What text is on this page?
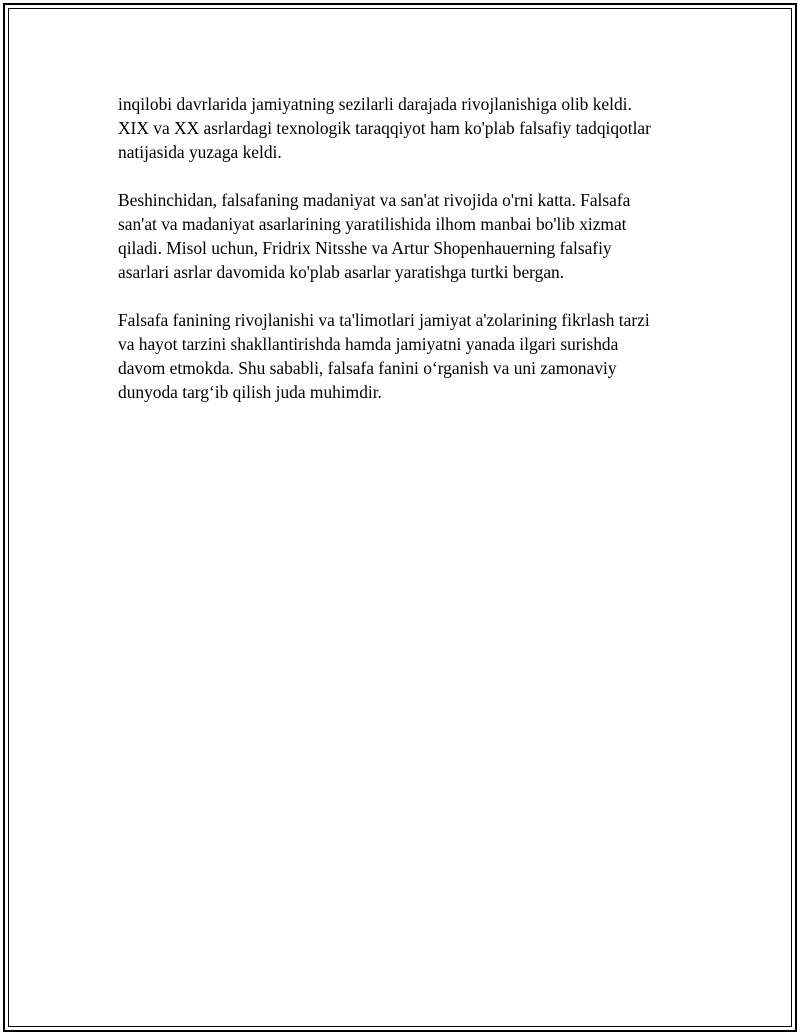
inqilobi davrlarida jamiyatning sezilarli darajada rivojlanishiga olib keldi.
XIX va XX asrlardagi texnologik taraqqiyot ham ko'plab falsafiy tadqiqotlar
natijasida yuzaga keldi.

Beshinchidan, falsafaning madaniyat va san'at rivojida o'rni katta. Falsafa
san'at va madaniyat asarlarining yaratilishida ilhom manbai bo'lib xizmat
qiladi. Misol uchun, Fridrix Nitsshe va Artur Shopenhauerning falsafiy
asarlari asrlar davomida ko'plab asarlar yaratishga turtki bergan.

Falsafa fanining rivojlanishi va ta'limotlari jamiyat a'zolarining fikrlash tarzi
va hayot tarzini shakllantirishda hamda jamiyatni yanada ilgari surishda
davom etmokda. Shu sababli, falsafa fanini o‘rganish va uni zamonaviy
dunyoda targ‘ib qilish juda muhimdir.
